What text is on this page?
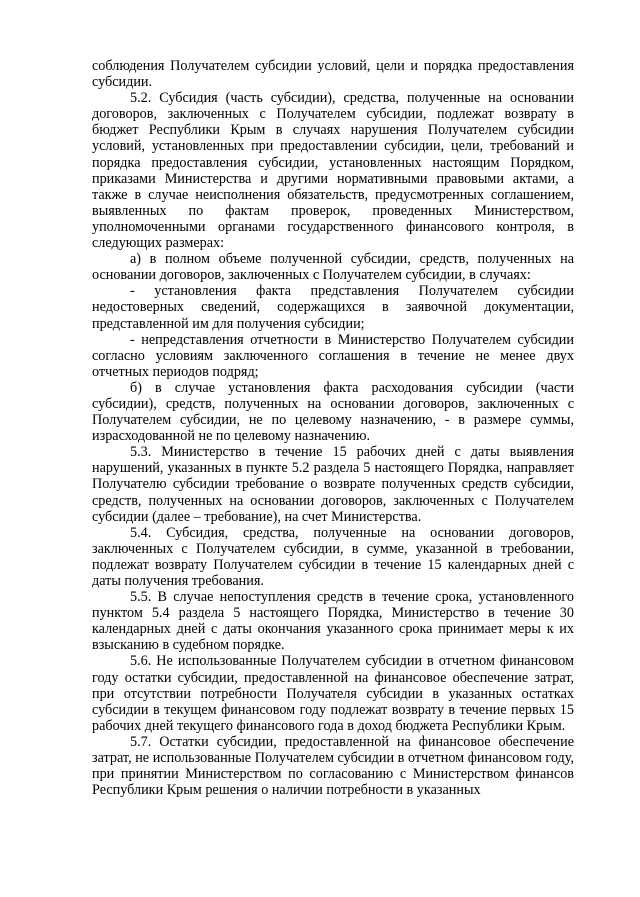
соблюдения Получателем субсидии условий, цели и порядка предоставления субсидии.

5.2. Субсидия (часть субсидии), средства, полученные на основании договоров, заключенных с Получателем субсидии, подлежат возврату в бюджет Республики Крым в случаях нарушения Получателем субсидии условий, установленных при предоставлении субсидии, цели, требований и порядка предоставления субсидии, установленных настоящим Порядком, приказами Министерства и другими нормативными правовыми актами, а также в случае неисполнения обязательств, предусмотренных соглашением, выявленных по фактам проверок, проведенных Министерством, уполномоченными органами государственного финансового контроля, в следующих размерах:

а) в полном объеме полученной субсидии, средств, полученных на основании договоров, заключенных с Получателем субсидии, в случаях:

- установления факта представления Получателем субсидии недостоверных сведений, содержащихся в заявочной документации, представленной им для получения субсидии;

- непредставления отчетности в Министерство Получателем субсидии согласно условиям заключенного соглашения в течение не менее двух отчетных периодов подряд;

б) в случае установления факта расходования субсидии (части субсидии), средств, полученных на основании договоров, заключенных с Получателем субсидии, не по целевому назначению, - в размере суммы, израсходованной не по целевому назначению.

5.3. Министерство в течение 15 рабочих дней с даты выявления нарушений, указанных в пункте 5.2 раздела 5 настоящего Порядка, направляет Получателю субсидии требование о возврате полученных средств субсидии, средств, полученных на основании договоров, заключенных с Получателем субсидии (далее – требование), на счет Министерства.

5.4. Субсидия, средства, полученные на основании договоров, заключенных с Получателем субсидии, в сумме, указанной в требовании, подлежат возврату Получателем субсидии в течение 15 календарных дней с даты получения требования.

5.5. В случае непоступления средств в течение срока, установленного пунктом 5.4 раздела 5 настоящего Порядка, Министерство в течение 30 календарных дней с даты окончания указанного срока принимает меры к их взысканию в судебном порядке.

5.6. Не использованные Получателем субсидии в отчетном финансовом году остатки субсидии, предоставленной на финансовое обеспечение затрат, при отсутствии потребности Получателя субсидии в указанных остатках субсидии в текущем финансовом году подлежат возврату в течение первых 15 рабочих дней текущего финансового года в доход бюджета Республики Крым.

5.7. Остатки субсидии, предоставленной на финансовое обеспечение затрат, не использованные Получателем субсидии в отчетном финансовом году, при принятии Министерством по согласованию с Министерством финансов Республики Крым решения о наличии потребности в указанных
